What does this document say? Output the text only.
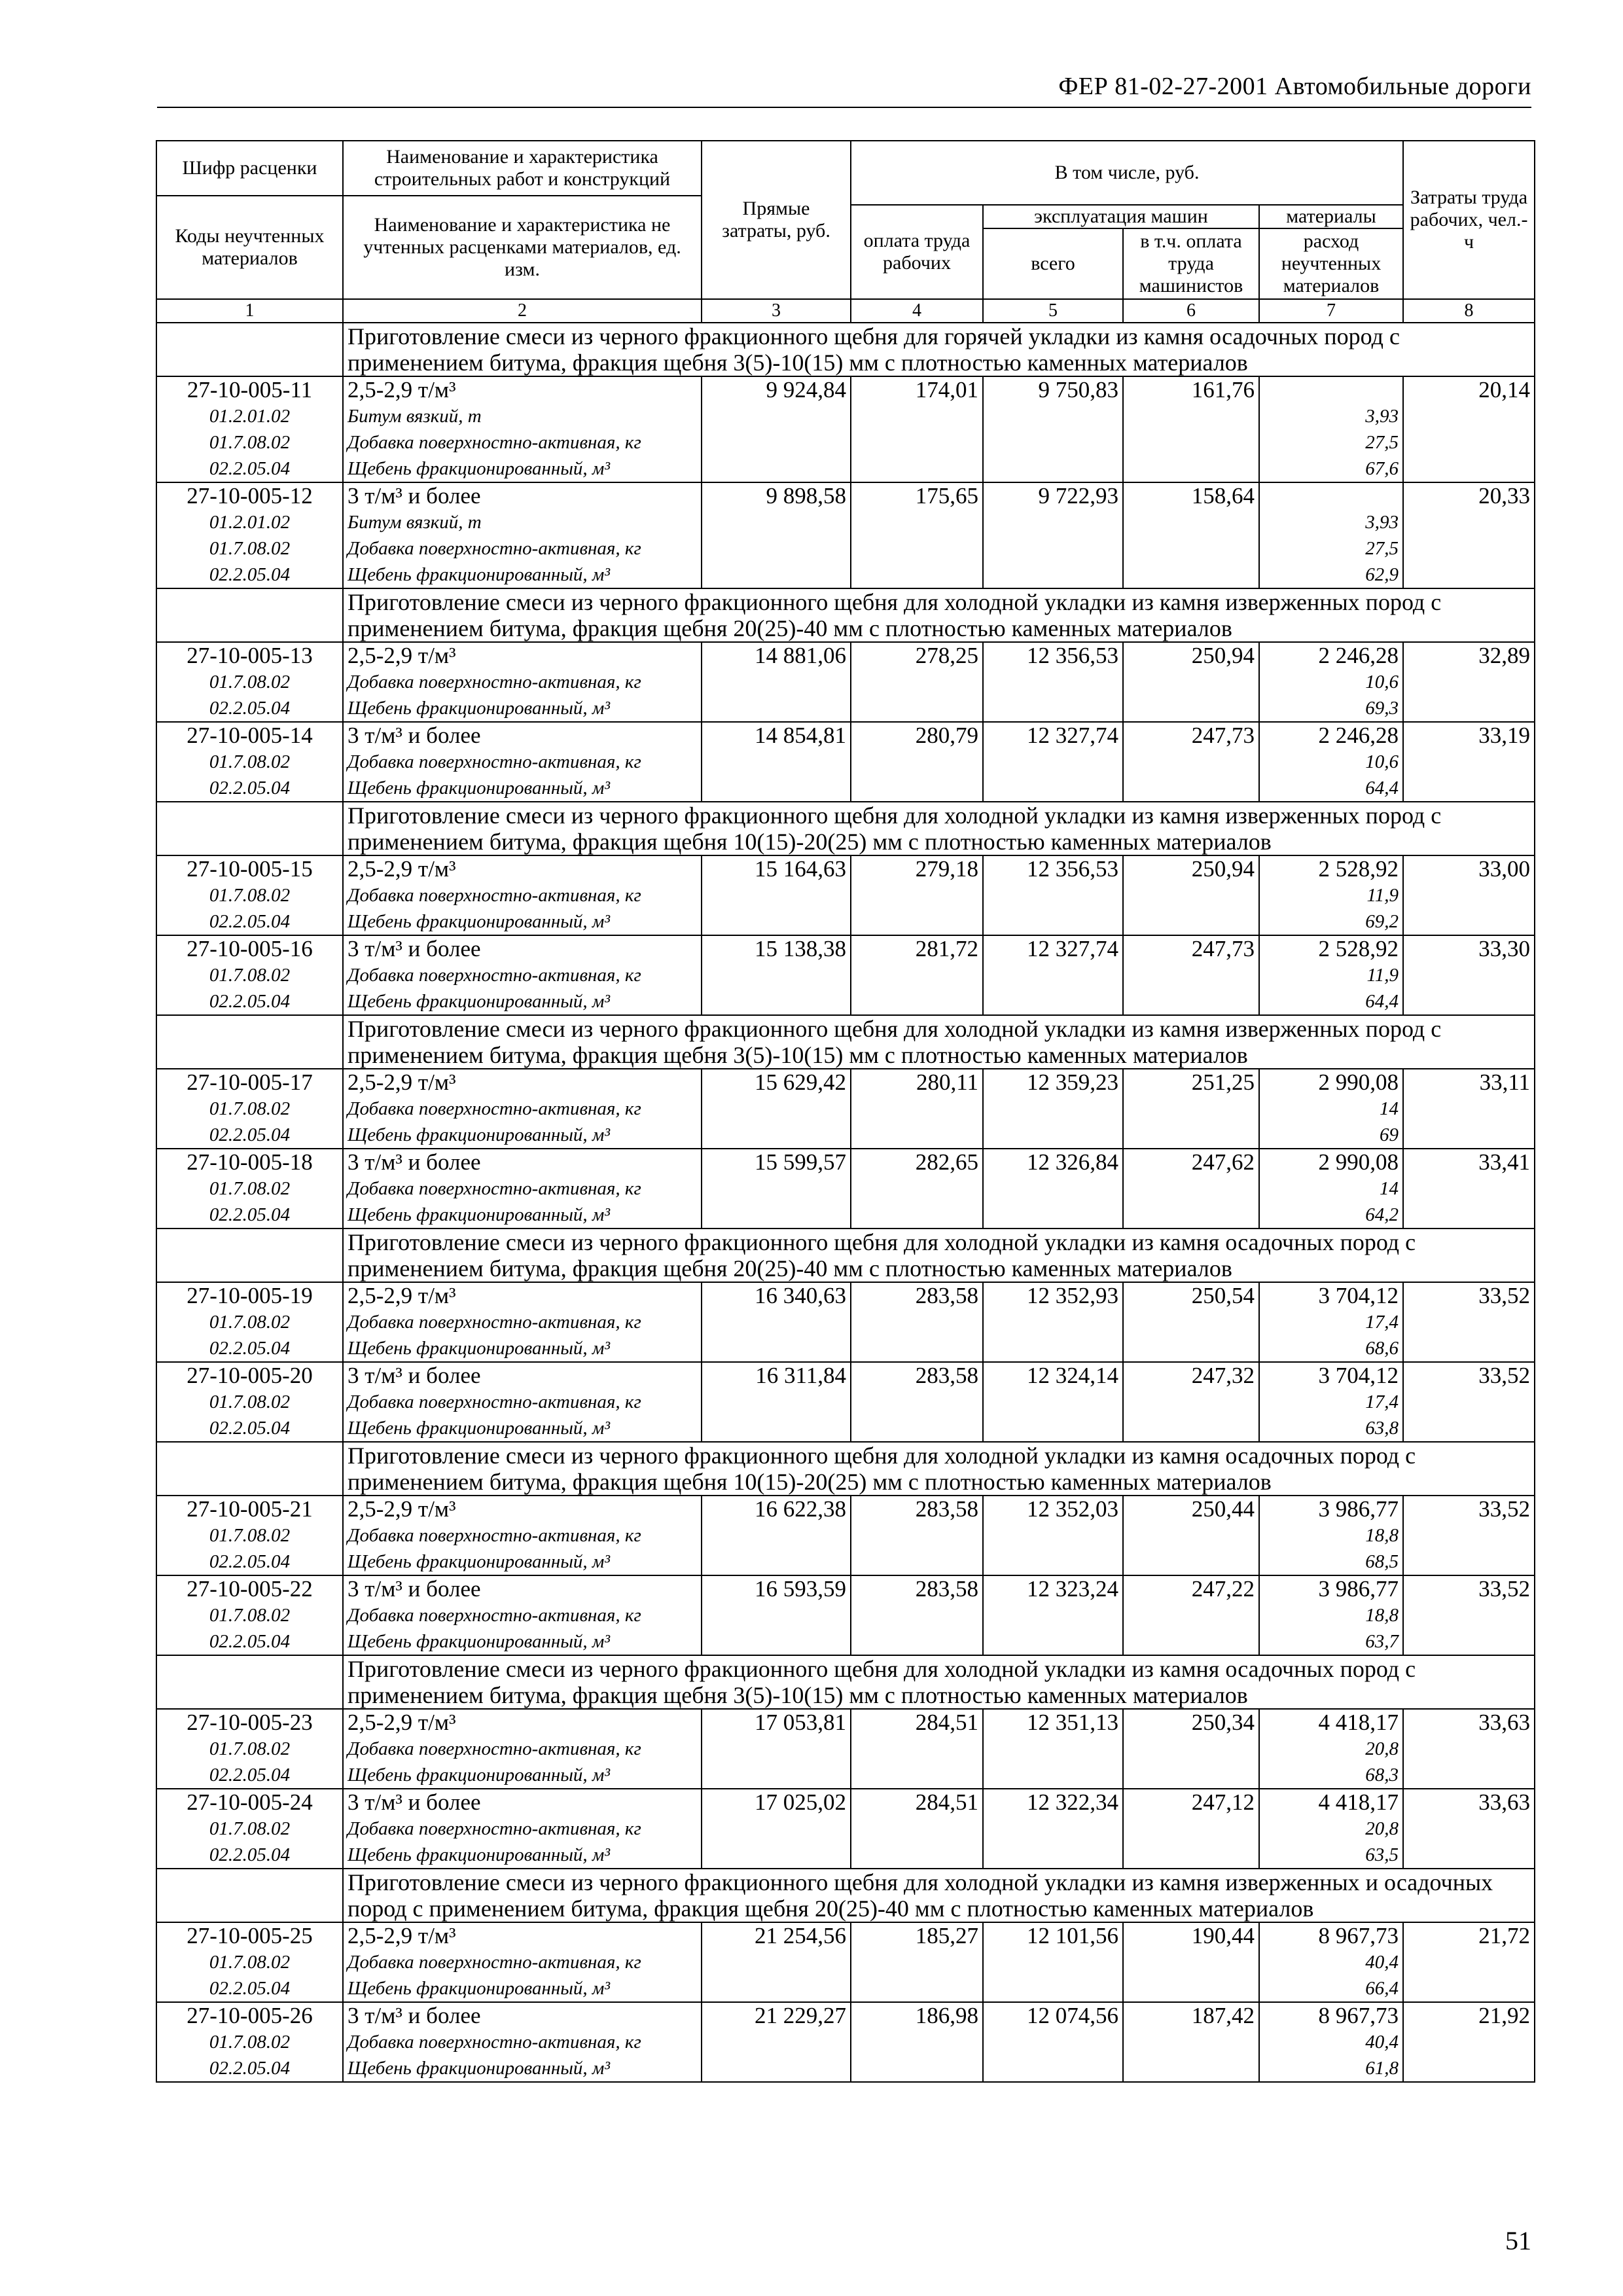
ФЕР 81-02-27-2001 Автомобильные дороги
Шифр расценки	Наименование и характеристика строительных работ и конструкций	Прямые затраты, руб.	В том числе, руб.				Затраты труда рабочих, чел.-ч
Коды неучтенных материалов	Наименование и характеристика не учтенных расценками материалов, ед. изм.						
			оплата труда рабочих	эксплуатация машин		материалы	
				всего	в т.ч. оплата труда машинистов	расход неучтенных материалов	
1	2	3	4	5	6	7	8
	Приготовление смеси из черного фракционного щебня для горячей укладки из камня осадочных пород с применением битума, фракция щебня 3(5)-10(15) мм с плотностью каменных материалов						
27-10-005-11	2,5-2,9 т/м³	9 924,84	174,01	9 750,83	161,76		20,14
01.2.01.02	Битум вязкий, т					3,93	
01.7.08.02	Добавка поверхностно-активная, кг					27,5	
02.2.05.04	Щебень фракционированный, м³					67,6	
27-10-005-12	3 т/м³ и более	9 898,58	175,65	9 722,93	158,64		20,33
01.2.01.02	Битум вязкий, т					3,93	
01.7.08.02	Добавка поверхностно-активная, кг					27,5	
02.2.05.04	Щебень фракционированный, м³					62,9	
	Приготовление смеси из черного фракционного щебня для холодной укладки из камня изверженных пород с применением битума, фракция щебня 20(25)-40 мм с плотностью каменных материалов						
27-10-005-13	2,5-2,9 т/м³	14 881,06	278,25	12 356,53	250,94	2 246,28	32,89
01.7.08.02	Добавка поверхностно-активная, кг					10,6	
02.2.05.04	Щебень фракционированный, м³					69,3	
27-10-005-14	3 т/м³ и более	14 854,81	280,79	12 327,74	247,73	2 246,28	33,19
01.7.08.02	Добавка поверхностно-активная, кг					10,6	
02.2.05.04	Щебень фракционированный, м³					64,4	
	Приготовление смеси из черного фракционного щебня для холодной укладки из камня изверженных пород с применением битума, фракция щебня 10(15)-20(25) мм с плотностью каменных материалов						
27-10-005-15	2,5-2,9 т/м³	15 164,63	279,18	12 356,53	250,94	2 528,92	33,00
01.7.08.02	Добавка поверхностно-активная, кг					11,9	
02.2.05.04	Щебень фракционированный, м³					69,2	
27-10-005-16	3 т/м³ и более	15 138,38	281,72	12 327,74	247,73	2 528,92	33,30
01.7.08.02	Добавка поверхностно-активная, кг					11,9	
02.2.05.04	Щебень фракционированный, м³					64,4	
	Приготовление смеси из черного фракционного щебня для холодной укладки из камня изверженных пород с применением битума, фракция щебня 3(5)-10(15) мм с плотностью каменных материалов						
27-10-005-17	2,5-2,9 т/м³	15 629,42	280,11	12 359,23	251,25	2 990,08	33,11
01.7.08.02	Добавка поверхностно-активная, кг					14	
02.2.05.04	Щебень фракционированный, м³					69	
27-10-005-18	3 т/м³ и более	15 599,57	282,65	12 326,84	247,62	2 990,08	33,41
01.7.08.02	Добавка поверхностно-активная, кг					14	
02.2.05.04	Щебень фракционированный, м³					64,2	
	Приготовление смеси из черного фракционного щебня для холодной укладки из камня осадочных пород с применением битума, фракция щебня 20(25)-40 мм с плотностью каменных материалов						
27-10-005-19	2,5-2,9 т/м³	16 340,63	283,58	12 352,93	250,54	3 704,12	33,52
01.7.08.02	Добавка поверхностно-активная, кг					17,4	
02.2.05.04	Щебень фракционированный, м³					68,6	
27-10-005-20	3 т/м³ и более	16 311,84	283,58	12 324,14	247,32	3 704,12	33,52
01.7.08.02	Добавка поверхностно-активная, кг					17,4	
02.2.05.04	Щебень фракционированный, м³					63,8	
	Приготовление смеси из черного фракционного щебня для холодной укладки из камня осадочных пород с применением битума, фракция щебня 10(15)-20(25) мм с плотностью каменных материалов						
27-10-005-21	2,5-2,9 т/м³	16 622,38	283,58	12 352,03	250,44	3 986,77	33,52
01.7.08.02	Добавка поверхностно-активная, кг					18,8	
02.2.05.04	Щебень фракционированный, м³					68,5	
27-10-005-22	3 т/м³ и более	16 593,59	283,58	12 323,24	247,22	3 986,77	33,52
01.7.08.02	Добавка поверхностно-активная, кг					18,8	
02.2.05.04	Щебень фракционированный, м³					63,7	
	Приготовление смеси из черного фракционного щебня для холодной укладки из камня осадочных пород с применением битума, фракция щебня 3(5)-10(15) мм с плотностью каменных материалов						
27-10-005-23	2,5-2,9 т/м³	17 053,81	284,51	12 351,13	250,34	4 418,17	33,63
01.7.08.02	Добавка поверхностно-активная, кг					20,8	
02.2.05.04	Щебень фракционированный, м³					68,3	
27-10-005-24	3 т/м³ и более	17 025,02	284,51	12 322,34	247,12	4 418,17	33,63
01.7.08.02	Добавка поверхностно-активная, кг					20,8	
02.2.05.04	Щебень фракционированный, м³					63,5	
	Приготовление смеси из черного фракционного щебня для холодной укладки из камня изверженных и осадочных пород с применением битума, фракция щебня 20(25)-40 мм с плотностью каменных материалов						
27-10-005-25	2,5-2,9 т/м³	21 254,56	185,27	12 101,56	190,44	8 967,73	21,72
01.7.08.02	Добавка поверхностно-активная, кг					40,4	
02.2.05.04	Щебень фракционированный, м³					66,4	
27-10-005-26	3 т/м³ и более	21 229,27	186,98	12 074,56	187,42	8 967,73	21,92
01.7.08.02	Добавка поверхностно-активная, кг					40,4	
02.2.05.04	Щебень фракционированный, м³					61,8	
51
